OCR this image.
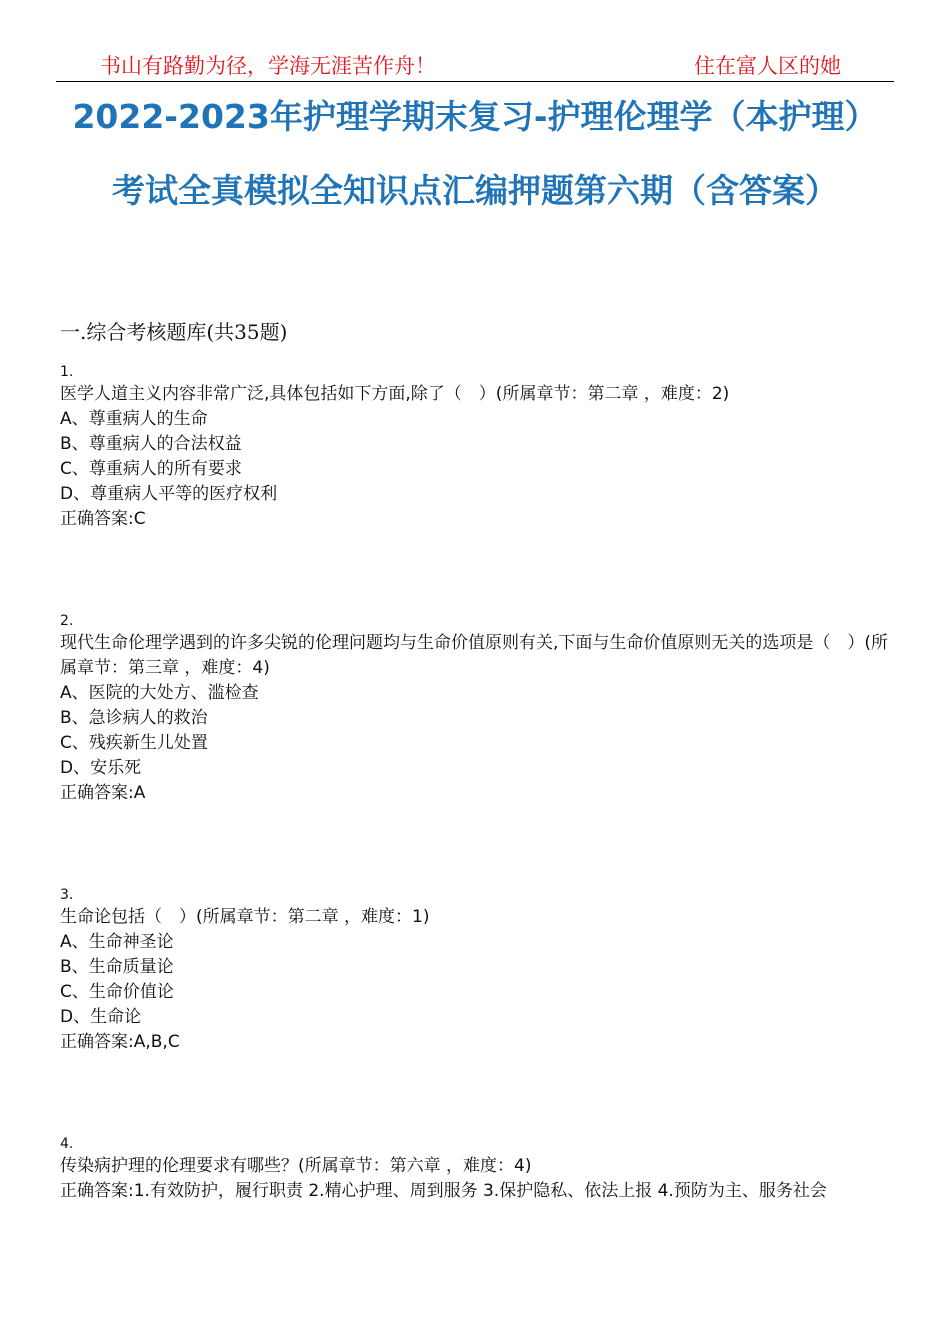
书山有路勤为径，学海无涯苦作舟！	住在富人区的她
2022-2023年护理学期末复习-护理伦理学（本护理）考试全真模拟全知识点汇编押题第六期（含答案）
一.综合考核题库(共35题)
1.
医学人道主义内容非常广泛,具体包括如下方面,除了（　）(所属章节：第二章 ，难度：2)
A、尊重病人的生命
B、尊重病人的合法权益
C、尊重病人的所有要求
D、尊重病人平等的医疗权利
正确答案:C
2.
现代生命伦理学遇到的许多尖锐的伦理问题均与生命价值原则有关,下面与生命价值原则无关的选项是（　）(所属章节：第三章 ，难度：4)
A、医院的大处方、滥检查
B、急诊病人的救治
C、残疾新生儿处置
D、安乐死
正确答案:A
3.
生命论包括（　）(所属章节：第二章 ，难度：1)
A、生命神圣论
B、生命质量论
C、生命价值论
D、生命论
正确答案:A,B,C
4.
传染病护理的伦理要求有哪些？(所属章节：第六章 ，难度：4)
正确答案:1.有效防护，履行职责 2.精心护理、周到服务 3.保护隐私、依法上报 4.预防为主、服务社会
